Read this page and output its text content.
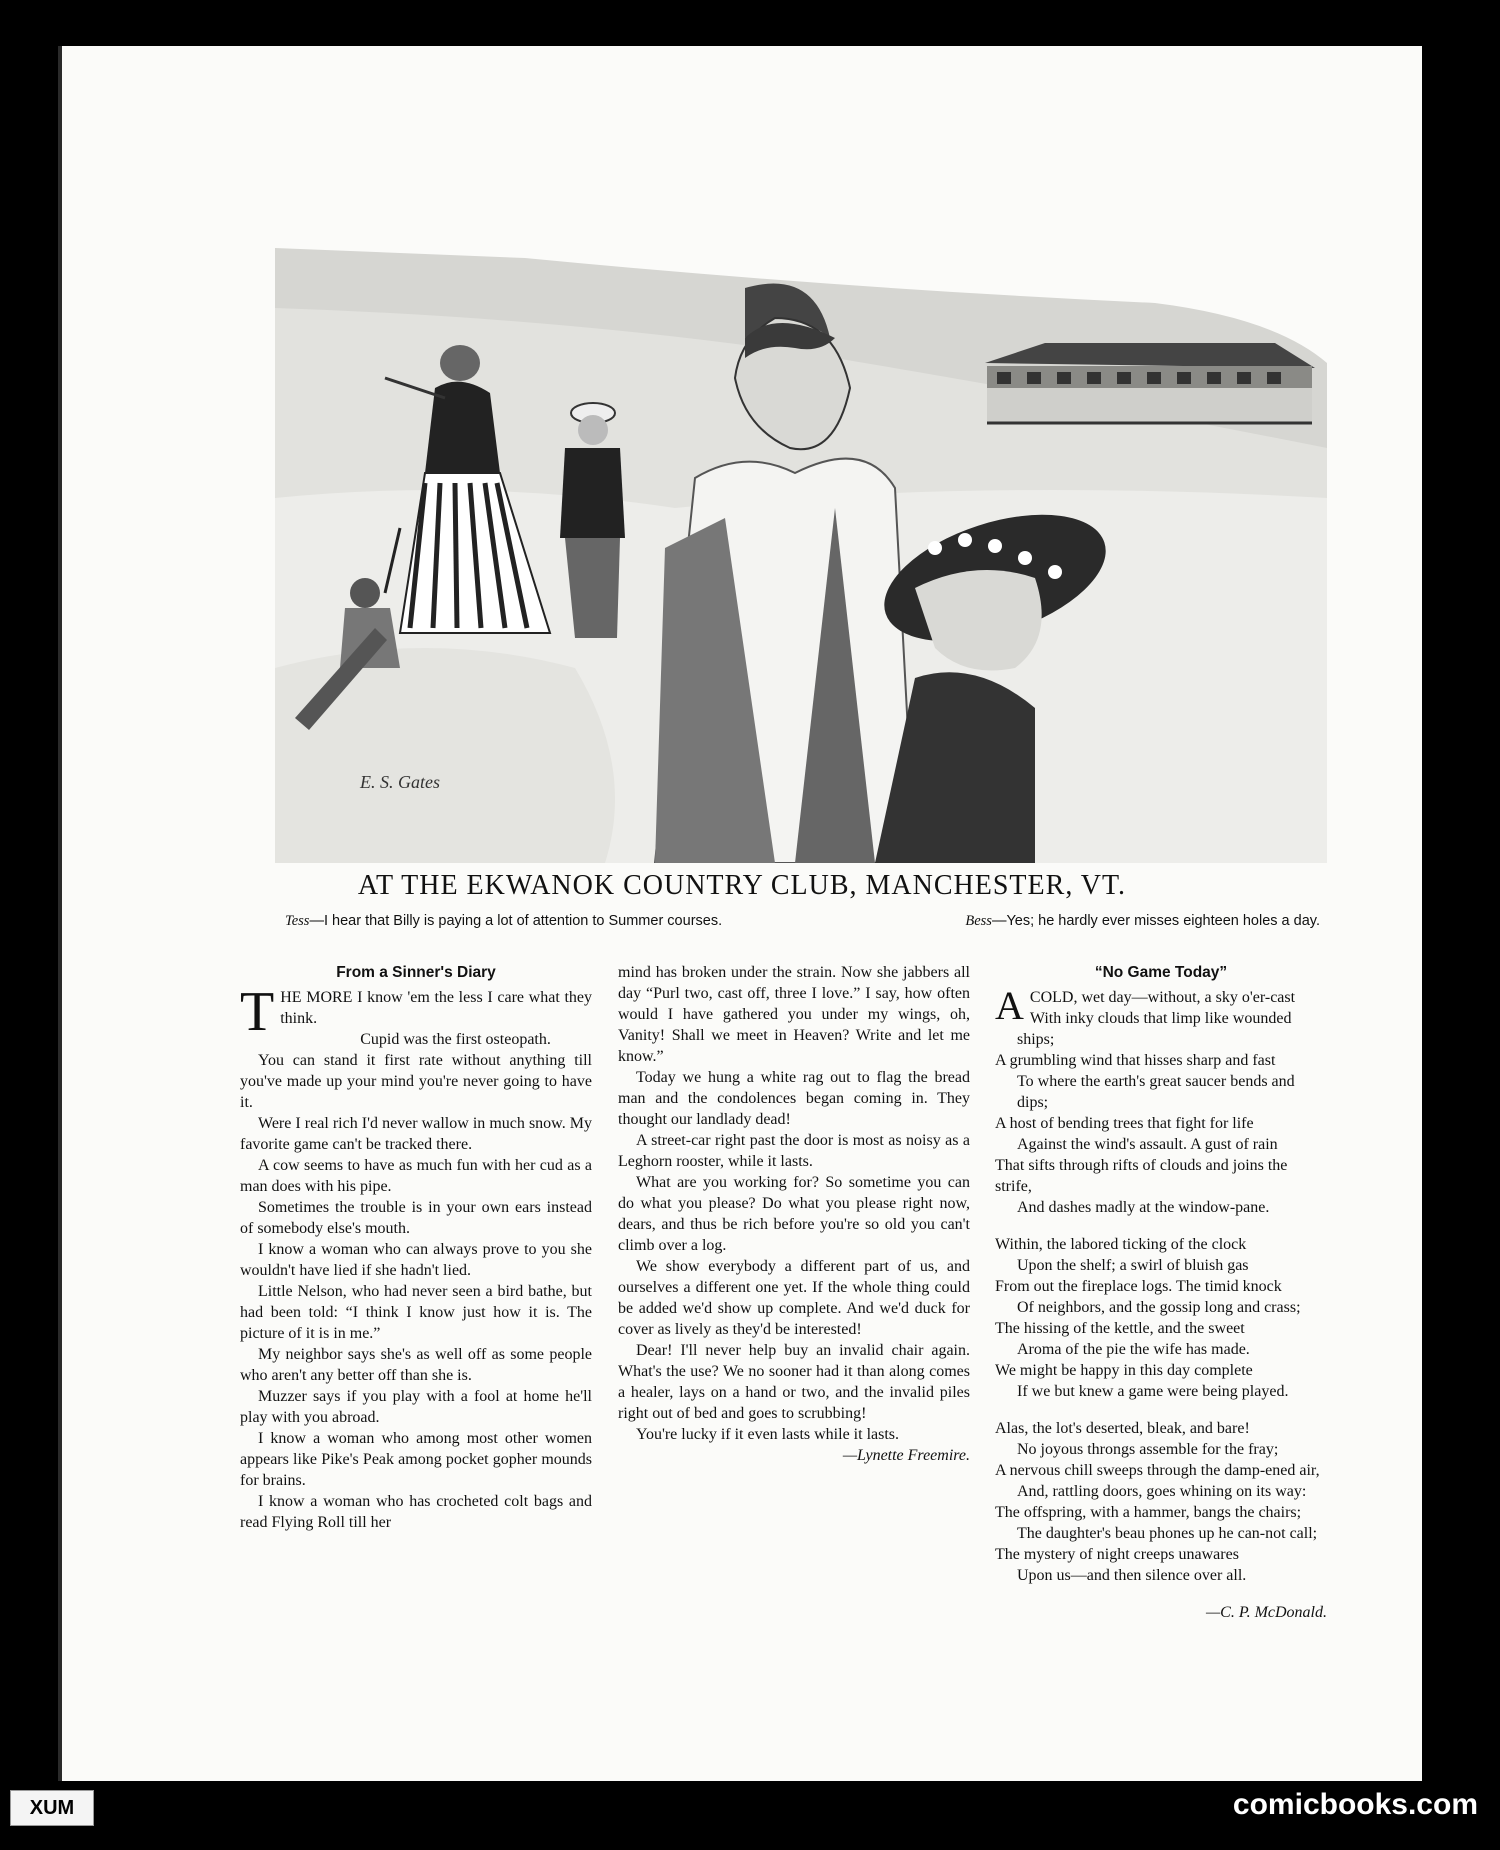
E. S. Gates
AT THE EKWANOK COUNTRY CLUB, MANCHESTER, VT.
Tess—I hear that Billy is paying a lot of attention to Summer courses.	Bess—Yes; he hardly ever misses eighteen holes a day.
From a Sinner's Diary

THE MORE I know 'em the less I care what they think.

Cupid was the first osteopath.

You can stand it first rate without anything till you've made up your mind you're never going to have it.

Were I real rich I'd never wallow in much snow. My favorite game can't be tracked there.

A cow seems to have as much fun with her cud as a man does with his pipe.

Sometimes the trouble is in your own ears instead of somebody else's mouth.

I know a woman who can always prove to you she wouldn't have lied if she hadn't lied.

Little Nelson, who had never seen a bird bathe, but had been told: “I think I know just how it is. The picture of it is in me.”

My neighbor says she's as well off as some people who aren't any better off than she is.

Muzzer says if you play with a fool at home he'll play with you abroad.

I know a woman who among most other women appears like Pike's Peak among pocket gopher mounds for brains.

I know a woman who has crocheted colt bags and read Flying Roll till her

mind has broken under the strain. Now she jabbers all day “Purl two, cast off, three I love.” I say, how often would I have gathered you under my wings, oh, Vanity! Shall we meet in Heaven? Write and let me know.”

Today we hung a white rag out to flag the bread man and the condolences began coming in. They thought our landlady dead!

A street-car right past the door is most as noisy as a Leghorn rooster, while it lasts.

What are you working for? So sometime you can do what you please? Do what you please right now, dears, and thus be rich before you're so old you can't climb over a log.

We show everybody a different part of us, and ourselves a different one yet. If the whole thing could be added we'd show up complete. And we'd duck for cover as lively as they'd be interested!

Dear! I'll never help buy an invalid chair again. What's the use? We no sooner had it than along comes a healer, lays on a hand or two, and the invalid piles right out of bed and goes to scrubbing!

You're lucky if it even lasts while it lasts.

—Lynette Freemire.
“No Game Today”
ACOLD, wet day—without, a sky o'er-cast
With inky clouds that limp like wounded ships;
A grumbling wind that hisses sharp and fast
To where the earth's great saucer bends and dips;
A host of bending trees that fight for life
Against the wind's assault. A gust of rain
That sifts through rifts of clouds and joins the strife,
And dashes madly at the window-pane.
Within, the labored ticking of the clock
Upon the shelf; a swirl of bluish gas
From out the fireplace logs. The timid knock
Of neighbors, and the gossip long and crass;
The hissing of the kettle, and the sweet
Aroma of the pie the wife has made.
We might be happy in this day complete
If we but knew a game were being played.
Alas, the lot's deserted, bleak, and bare!
No joyous throngs assemble for the fray;
A nervous chill sweeps through the damp-ened air,
And, rattling doors, goes whining on its way:
The offspring, with a hammer, bangs the chairs;
The daughter's beau phones up he can-not call;
The mystery of night creeps unawares
Upon us—and then silence over all.
—C. P. McDonald.
XUM	comicbooks.com
